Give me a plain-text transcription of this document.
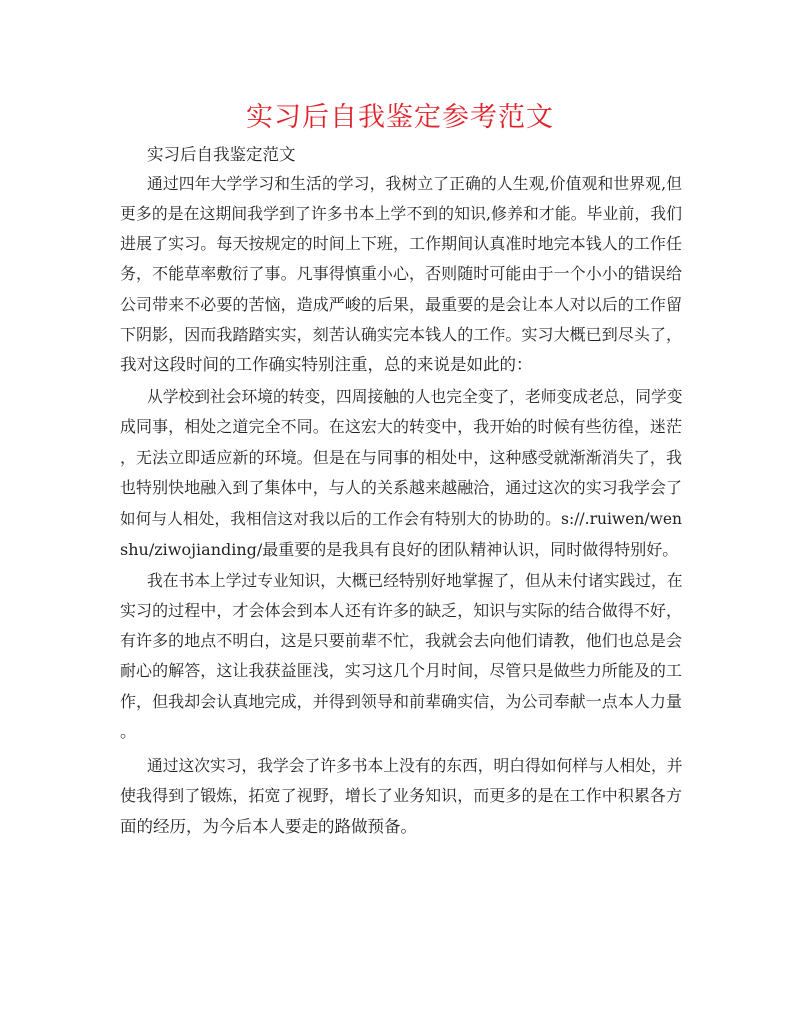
实习后自我鉴定参考范文
实习后自我鉴定范文
通过四年大学学习和生活的学习，我树立了正确的人生观,价值观和世界观,但
更多的是在这期间我学到了许多书本上学不到的知识,修养和才能。毕业前，我们
进展了实习。每天按规定的时间上下班，工作期间认真准时地完本钱人的工作任
务，不能草率敷衍了事。凡事得慎重小心，否则随时可能由于一个小小的错误给
公司带来不必要的苦恼，造成严峻的后果，最重要的是会让本人对以后的工作留
下阴影，因而我踏踏实实，刻苦认确实完本钱人的工作。实习大概已到尽头了，
我对这段时间的工作确实特别注重，总的来说是如此的：
从学校到社会环境的转变，四周接触的人也完全变了，老师变成老总，同学变
成同事，相处之道完全不同。在这宏大的转变中，我开始的时候有些彷徨，迷茫
，无法立即适应新的环境。但是在与同事的相处中，这种感受就渐渐消失了，我
也特别快地融入到了集体中，与人的关系越来越融洽，通过这次的实习我学会了
如何与人相处，我相信这对我以后的工作会有特别大的协助的。s://.ruiwen/wen
shu/ziwojianding/最重要的是我具有良好的团队精神认识，同时做得特别好。
我在书本上学过专业知识，大概已经特别好地掌握了，但从未付诸实践过，在
实习的过程中，才会体会到本人还有许多的缺乏，知识与实际的结合做得不好，
有许多的地点不明白，这是只要前辈不忙，我就会去向他们请教，他们也总是会
耐心的解答，这让我获益匪浅，实习这几个月时间，尽管只是做些力所能及的工
作，但我却会认真地完成，并得到领导和前辈确实信，为公司奉献一点本人力量
。
通过这次实习，我学会了许多书本上没有的东西，明白得如何样与人相处，并
使我得到了锻炼，拓宽了视野，增长了业务知识，而更多的是在工作中积累各方
面的经历，为今后本人要走的路做预备。
